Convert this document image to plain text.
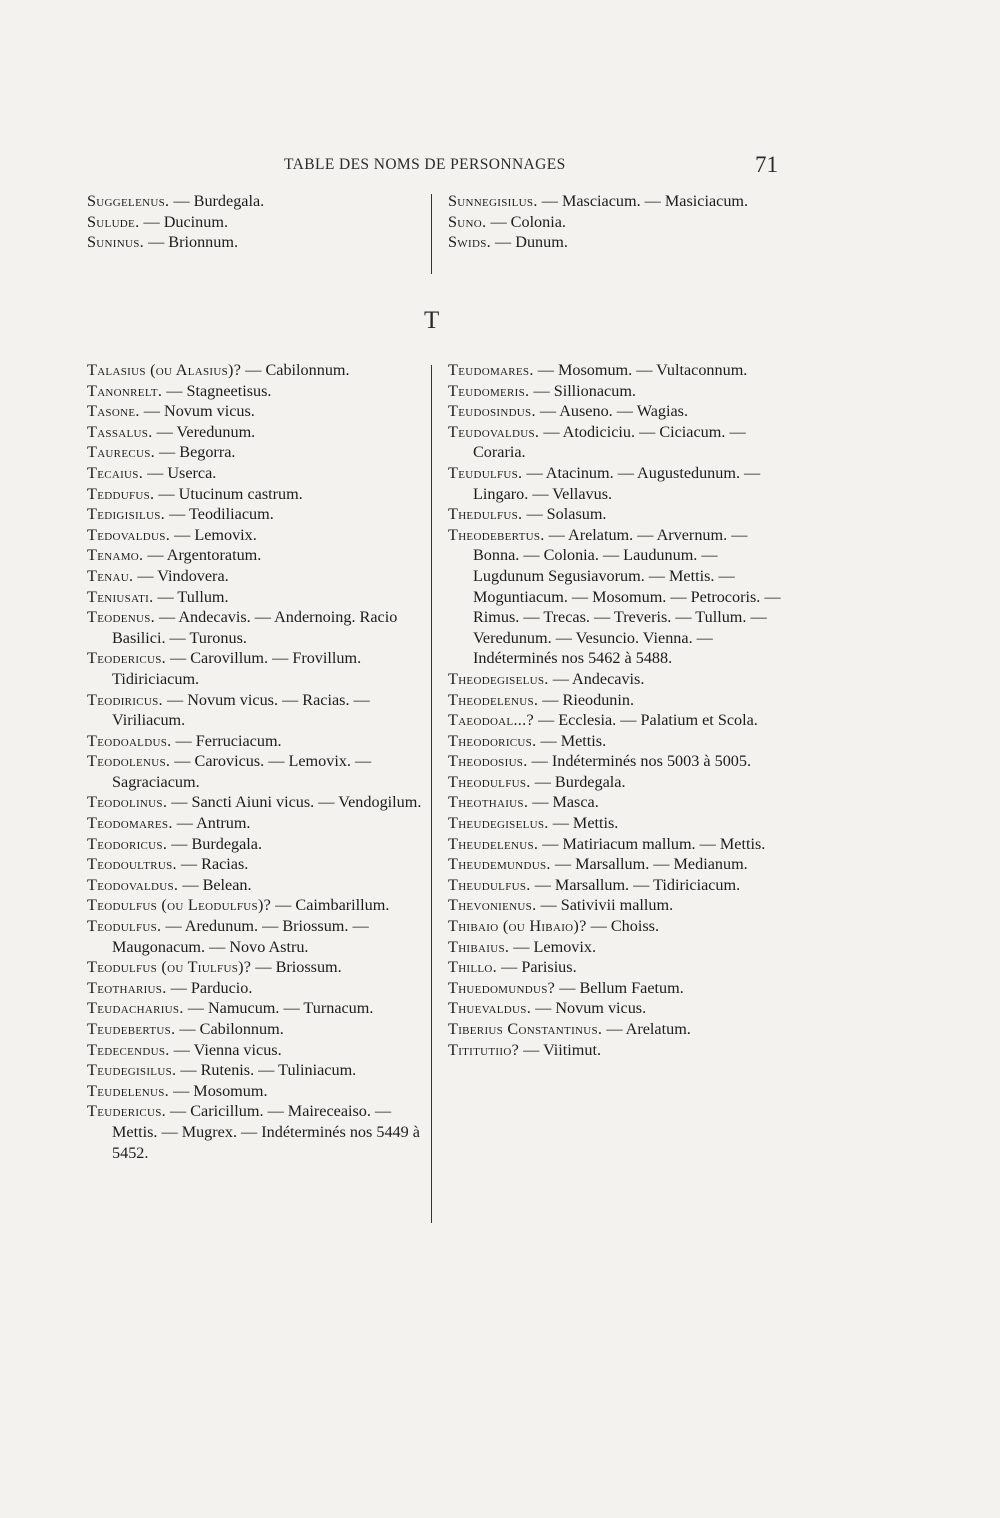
TABLE DES NOMS DE PERSONNAGES	71
Suggelenus. — Burdegala.
Sulude. — Ducinum.
Suninus. — Brionnum.
Sunnegisilus. — Masciacum. — Masiciacum.
Suno. — Colonia.
Swids. — Dunum.
T
Talasius (ou Alasius)? — Cabilonnum.
Tanonrelt. — Stagneetisus.
Tasone. — Novum vicus.
Tassalus. — Veredunum.
Taurecus. — Begorra.
Tecaius. — Userca.
Teddufus. — Utucinum castrum.
Tedigisilus. — Teodiliacum.
Tedovaldus. — Lemovix.
Tenamo. — Argentoratum.
Tenau. — Vindovera.
Teniusati. — Tullum.
Teodenus. — Andecavis. — Andernoing. Racio Basilici. — Turonus.
Teodericus. — Carovillum. — Frovillum. Tidiriciacum.
Teodiricus. — Novum vicus. — Racias. — Viriliacum.
Teodoaldus. — Ferruciacum.
Teodolenus. — Carovicus. — Lemovix. — Sagraciacum.
Teodolinus. — Sancti Aiuni vicus. — Vendogilum.
Teodomares. — Antrum.
Teodoricus. — Burdegala.
Teodoultrus. — Racias.
Teodovaldus. — Belean.
Teodulfus (ou Leodulfus)? — Caimbarillum.
Teodulfus. — Aredunum. — Briossum. — Maugonacum. — Novo Astru.
Teodulfus (ou Tiulfus)? — Briossum.
Teotharius. — Parducio.
Teudacharius. — Namucum. — Turnacum.
Teudebertus. — Cabilonnum.
Tedecendus. — Vienna vicus.
Teudegisilus. — Rutenis. — Tuliniacum.
Teudelenus. — Mosomum.
Teudericus. — Caricillum. — Maireceaiso. — Mettis. — Mugrex. — Indéterminés nos 5449 à 5452.
Teudomares. — Mosomum. — Vultaconnum.
Teudomeris. — Sillionacum.
Teudosindus. — Auseno. — Wagias.
Teudovaldus. — Atodiciciu. — Ciciacum. — Coraria.
Teudulfus. — Atacinum. — Augustedunum. — Lingaro. — Vellavus.
Thedulfus. — Solasum.
Theodebertus. — Arelatum. — Arvernum. — Bonna. — Colonia. — Laudunum. — Lugdunum Segusiavorum. — Mettis. — Moguntiacum. — Mosomum. — Petrocoris. — Rimus. — Trecas. — Treveris. — Tullum. — Veredunum. — Vesuncio. Vienna. — Indéterminés nos 5462 à 5488.
Theodegiselus. — Andecavis.
Theodelenus. — Rieodunin.
Taeodoal...? — Ecclesia. — Palatium et Scola.
Theodoricus. — Mettis.
Theodosius. — Indéterminés nos 5003 à 5005.
Theodulfus. — Burdegala.
Theothaius. — Masca.
Theudegiselus. — Mettis.
Theudelenus. — Matiriacum mallum. — Mettis.
Theudemundus. — Marsallum. — Medianum.
Theudulfus. — Marsallum. — Tidiriciacum.
Thevonienus. — Sativivii mallum.
Thibaio (ou Hibaio)? — Choiss.
Thibaius. — Lemovix.
Thillo. — Parisius.
Thuedomundus? — Bellum Faetum.
Thuevaldus. — Novum vicus.
Tiberius Constantinus. — Arelatum.
Tititutiio? — Viitimut.
